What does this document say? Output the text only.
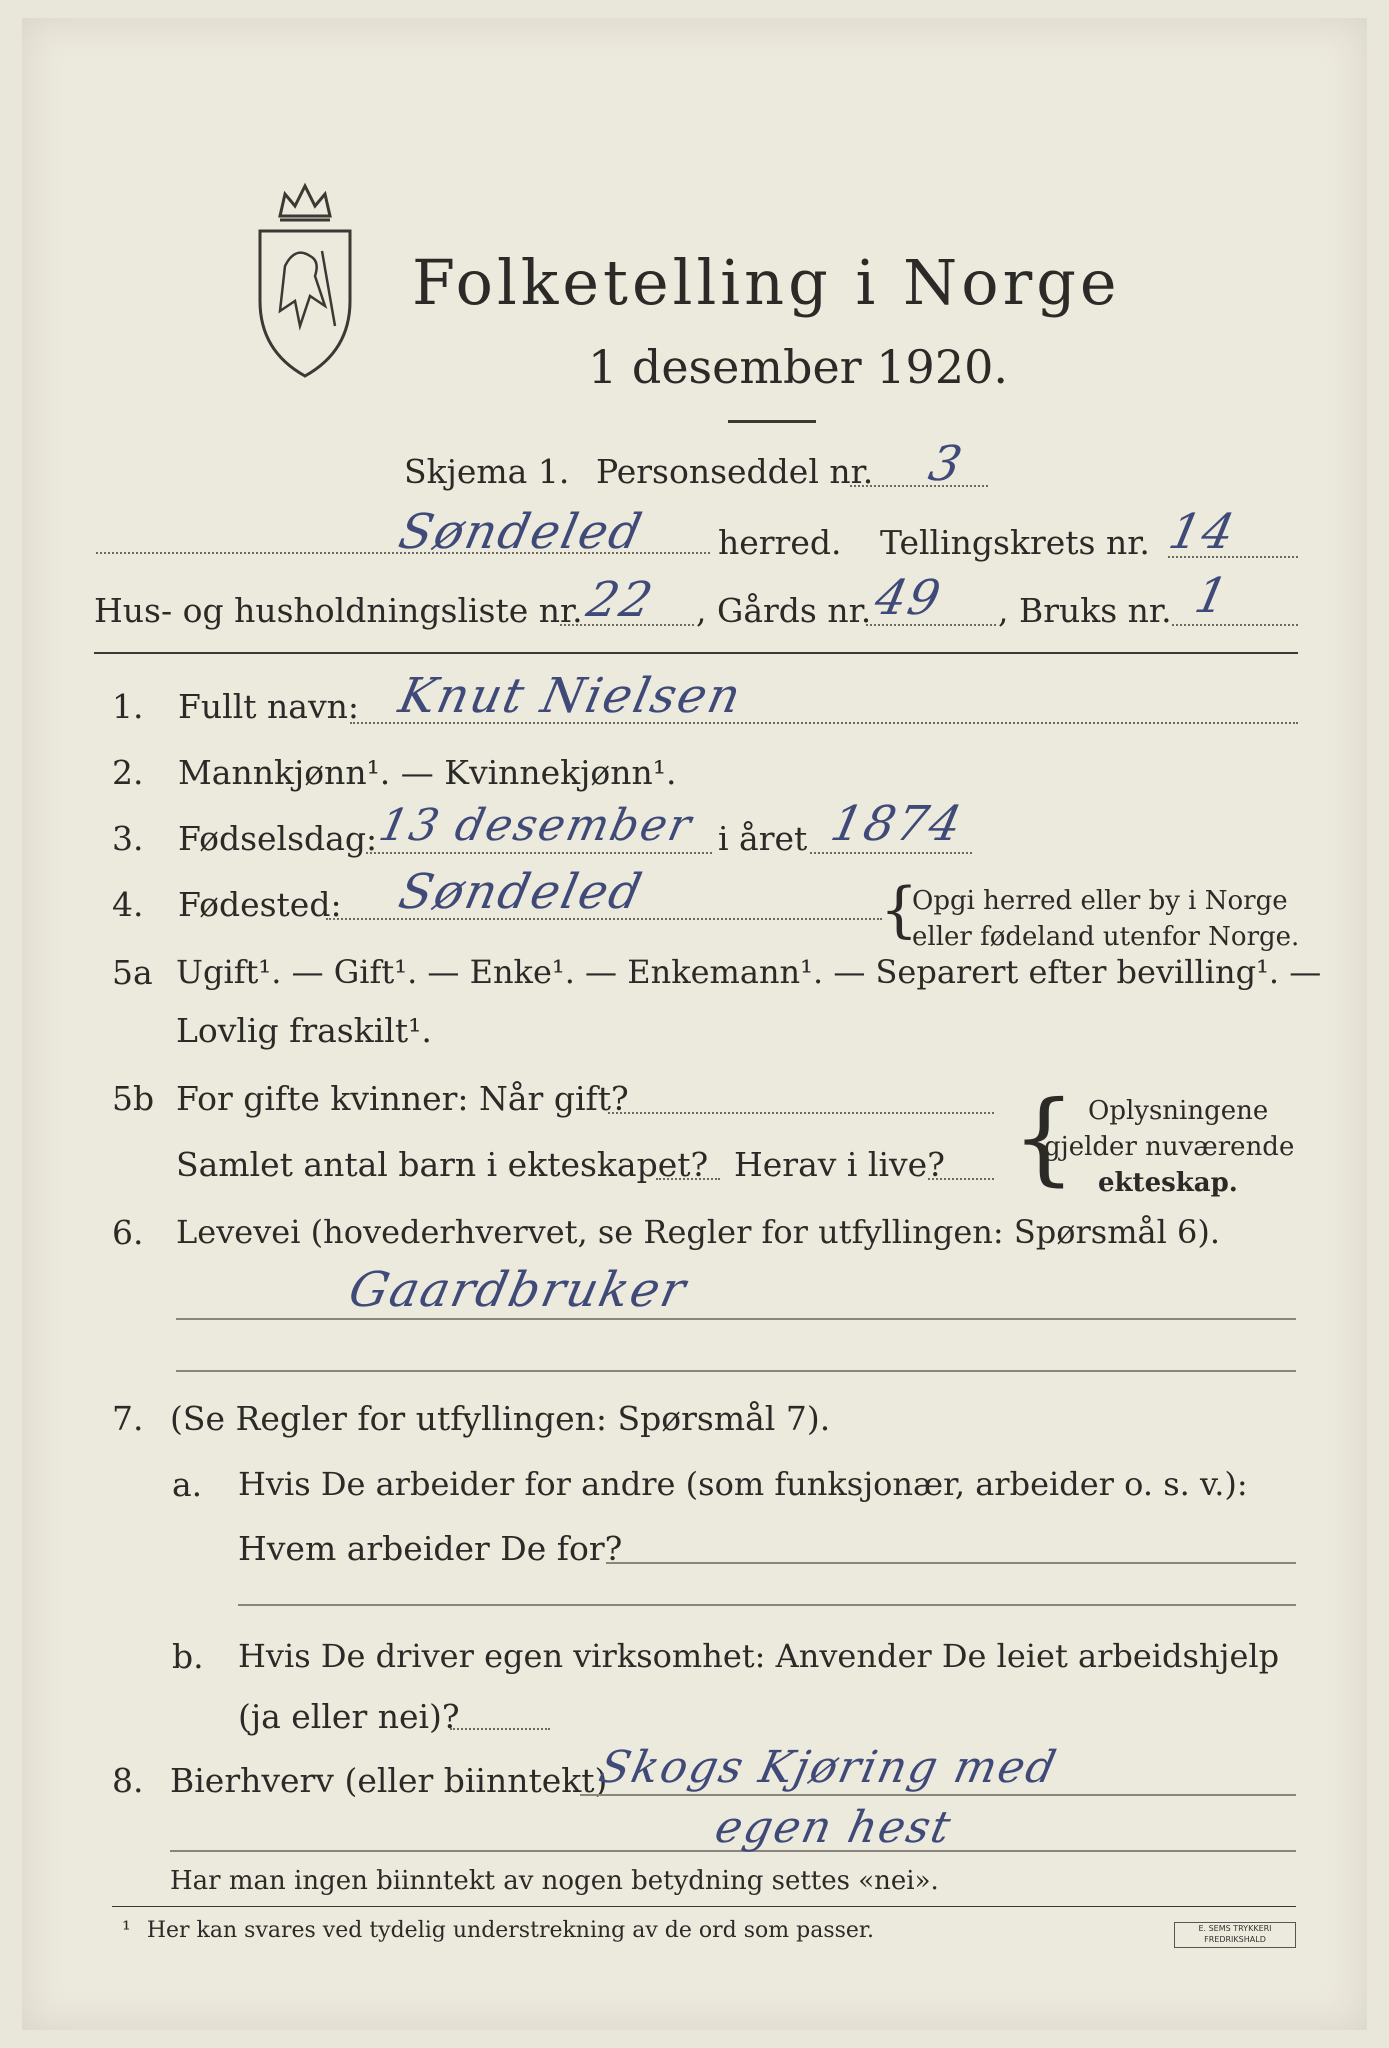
Folketelling i Norge
1 desember 1920.
Skjema 1. Personseddel nr. 3
Søndeled herred. Tellingskrets nr. 14
Hus- og husholdningsliste nr. 22 , Gårds nr.
49 , Bruks nr. 1
1. Fullt navn: Knut Nielsen
2. Mannkjønn¹. — Kvinnekjønn¹.
3. Fødselsdag:
13 desember i året 1874
4. Fødested: Søndeled	{
Opgi herred eller by i Norge
eller fødeland utenfor Norge.
5a Ugift¹. — Gift¹. — Enke¹. — Enkemann¹. — Separert efter bevilling¹. —
Lovlig fraskilt¹.
5b For gifte kvinner: Når gift?
Samlet antal barn i ekteskapet? Herav i live? { Oplysningene
gjelder nuværende
ekteskap.
6. Levevei (hovederhvervet, se Regler for utfyllingen: Spørsmål 6).
Gaardbruker
7. (Se Regler for utfyllingen: Spørsmål 7).
a. Hvis De arbeider for andre (som funksjonær, arbeider o. s. v.):
Hvem arbeider De for?
b. Hvis De driver egen virksomhet: Anvender De leiet arbeidshjelp
(ja eller nei)?
8. Bierhverv (eller biinntekt)
Skogs Kjøring med
egen hest
Har man ingen biinntekt av nogen betydning settes «nei».
¹ Her kan svares ved tydelig understrekning av de ord som passer.	E. SEMS TRYKKERI FREDRIKSHALD
